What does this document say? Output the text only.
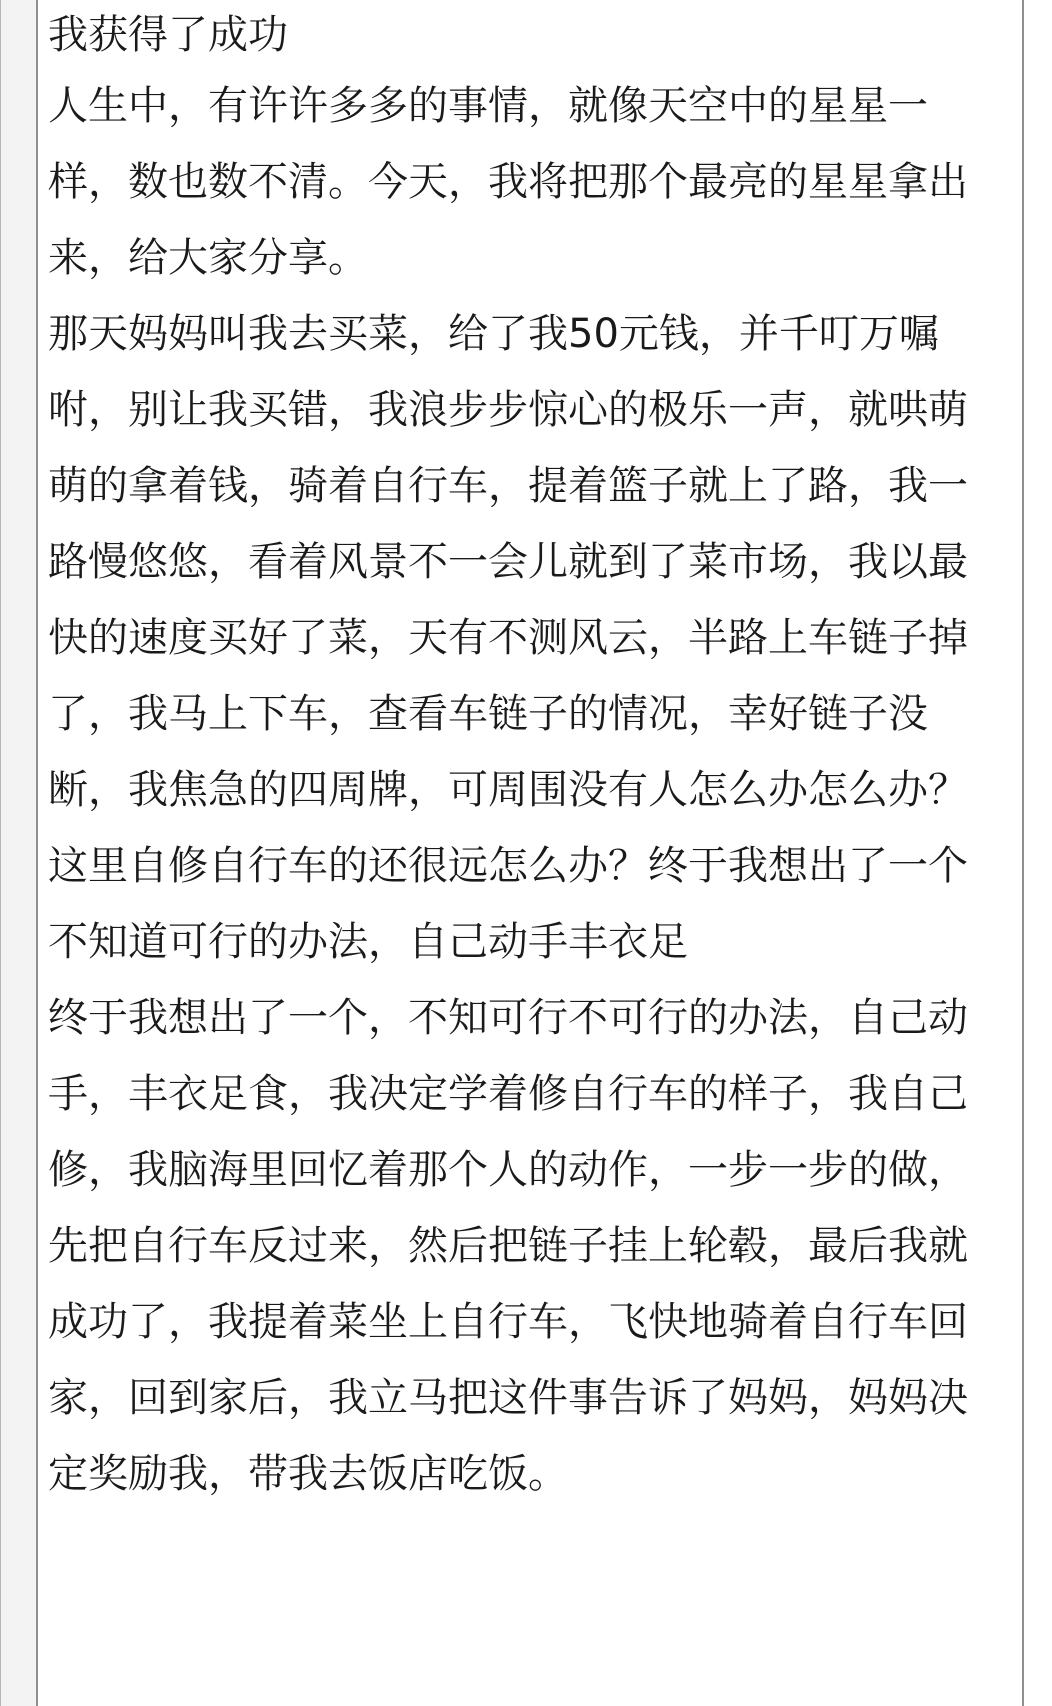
我获得了成功

人生中，有许许多多的事情，就像天空中的星星一
样，数也数不清。今天，我将把那个最亮的星星拿出
来，给大家分享。

那天妈妈叫我去买菜，给了我50元钱，并千叮万嘱
咐，别让我买错，我浪步步惊心的极乐一声，就哄萌
萌的拿着钱，骑着自行车，提着篮子就上了路，我一
路慢悠悠，看着风景不一会儿就到了菜市场，我以最
快的速度买好了菜，天有不测风云，半路上车链子掉
了，我马上下车，查看车链子的情况，幸好链子没
断，我焦急的四周牌，可周围没有人怎么办怎么办？
这里自修自行车的还很远怎么办？终于我想出了一个
不知道可行的办法，自己动手丰衣足

终于我想出了一个，不知可行不可行的办法，自己动
手，丰衣足食，我决定学着修自行车的样子，我自己
修，我脑海里回忆着那个人的动作，一步一步的做，
先把自行车反过来，然后把链子挂上轮毂，最后我就
成功了，我提着菜坐上自行车，飞快地骑着自行车回
家，回到家后，我立马把这件事告诉了妈妈，妈妈决
定奖励我，带我去饭店吃饭。
